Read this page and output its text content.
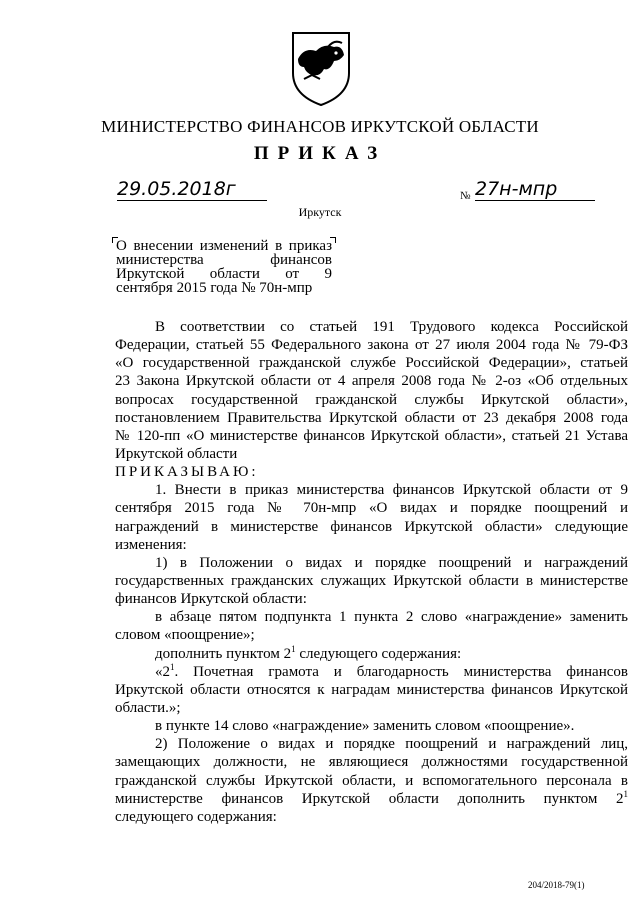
МИНИСТЕРСТВО ФИНАНСОВ ИРКУТСКОЙ ОБЛАСТИ
ПРИКАЗ
29.05.2018г	№ 27н-мпр
Иркутск
О внесении изменений в приказ
министерства финансов
Иркутской области от 9
сентября 2015 года № 70н-мпр
В соответствии со статьей 191 Трудового кодекса Российской
Федерации, статьей 55 Федерального закона от 27 июля 2004 года № 79-ФЗ
«О государственной гражданской службе Российской Федерации», статьей
23 Закона Иркутской области от 4 апреля 2008 года № 2-оз «Об отдельных
вопросах государственной гражданской службы Иркутской области»,
постановлением Правительства Иркутской области от 23 декабря 2008 года
№ 120-пп «О министерстве финансов Иркутской области», статьей 21 Устава
Иркутской области
ПРИКАЗЫВАЮ:
1. Внести в приказ министерства финансов Иркутской области от 9
сентября 2015 года № 70н-мпр «О видах и порядке поощрений и
награждений в министерстве финансов Иркутской области» следующие
изменения:
1) в Положении о видах и порядке поощрений и награждений
государственных гражданских служащих Иркутской области в министерстве
финансов Иркутской области:
в абзаце пятом подпункта 1 пункта 2 слово «награждение» заменить
словом «поощрение»;
дополнить пунктом $2^1$ следующего содержания:
«$2^1$. Почетная грамота и благодарность министерства финансов
Иркутской области относятся к наградам министерства финансов Иркутской
области.»;
в пункте 14 слово «награждение» заменить словом «поощрение».
2) Положение о видах и порядке поощрений и награждений лиц,
замещающих должности, не являющиеся должностями государственной
гражданской службы Иркутской области, и вспомогательного персонала в
министерстве финансов Иркутской области дополнить пунктом $2^1$
следующего содержания:
204/2018-79(1)
